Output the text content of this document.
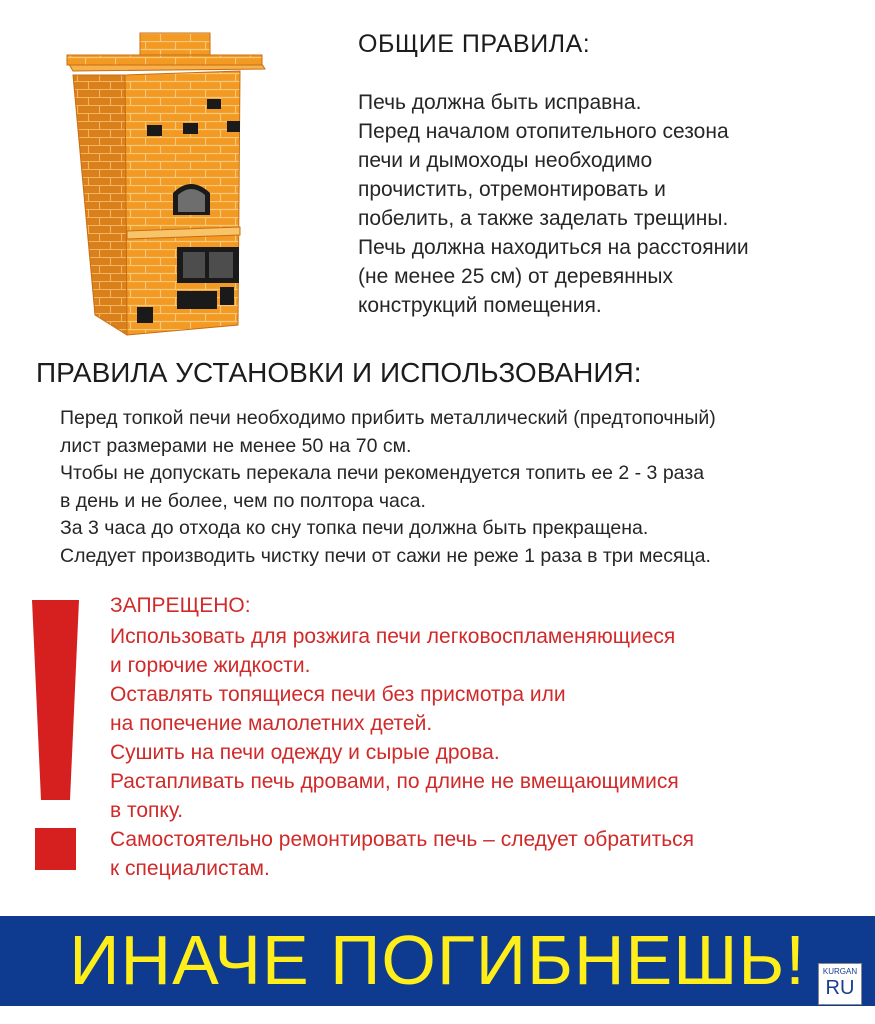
ОБЩИЕ ПРАВИЛА:
Печь должна быть исправна.
Перед началом отопительного сезона
печи и дымоходы необходимо
прочистить, отремонтировать и
побелить, а также заделать трещины.
Печь должна находиться на расстоянии
(не менее 25 см) от деревянных
конструкций помещения.
ПРАВИЛА УСТАНОВКИ И ИСПОЛЬЗОВАНИЯ:
Перед топкой печи необходимо прибить металлический (предтопочный)
лист размерами не менее 50 на 70 см.
Чтобы не допускать перекала печи рекомендуется топить ее 2 - 3 раза
в день и не более, чем по полтора часа.
За 3 часа до отхода ко сну топка печи должна быть прекращена.
Следует производить чистку печи от сажи не реже 1 раза в три месяца.
ЗАПРЕЩЕНО:
Использовать для розжига печи легковоспламеняющиеся
и горючие жидкости.
Оставлять топящиеся печи без присмотра или
на попечение малолетних детей.
Сушить на печи одежду и сырые дрова.
Растапливать печь дровами, по длине не вмещающимися
в топку.
Самостоятельно ремонтировать печь – следует обратиться
к специалистам.
ИНАЧЕ ПОГИБНЕШЬ!	KURGAN
RU
